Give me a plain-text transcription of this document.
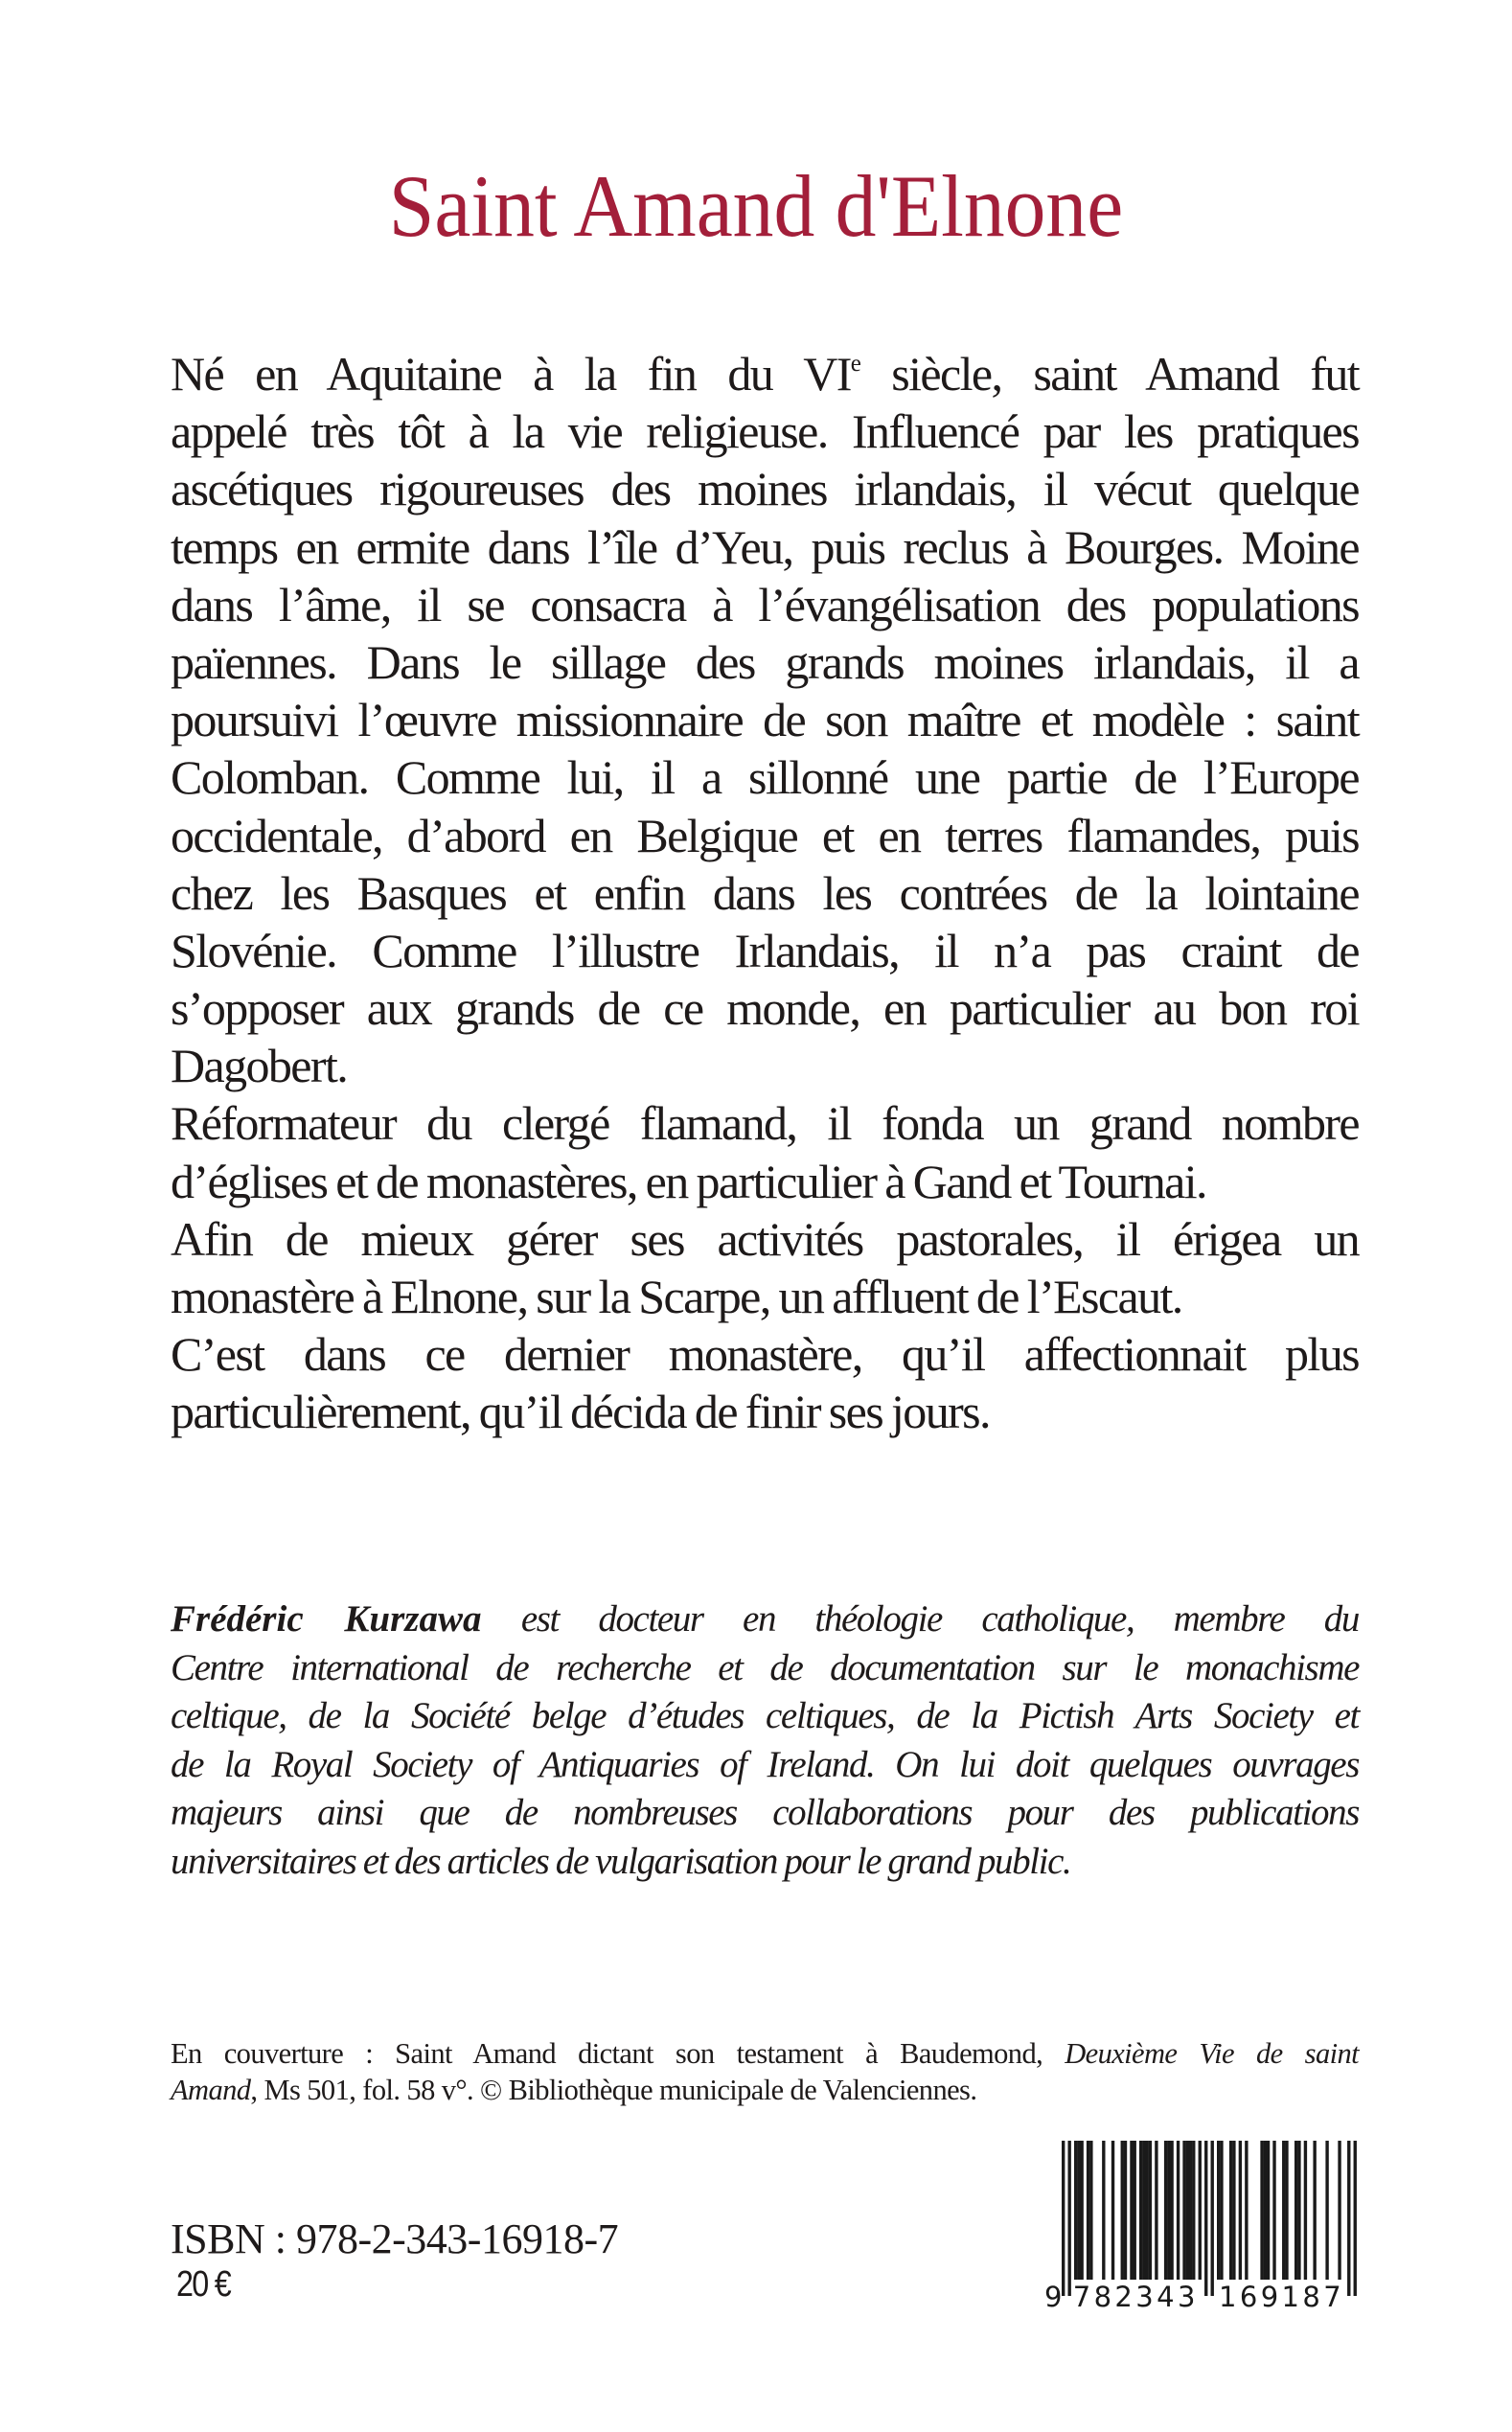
Saint Amand d'Elnone
Né en Aquitaine à la fin du VIe siècle, saint Amand fut
appelé très tôt à la vie religieuse. Influencé par les pratiques
ascétiques rigoureuses des moines irlandais, il vécut quelque
temps en ermite dans l’île d’Yeu, puis reclus à Bourges. Moine
dans l’âme, il se consacra à l’évangélisation des populations
païennes. Dans le sillage des grands moines irlandais, il a
poursuivi l’œuvre missionnaire de son maître et modèle : saint
Colomban. Comme lui, il a sillonné une partie de l’Europe
occidentale, d’abord en Belgique et en terres flamandes, puis
chez les Basques et enfin dans les contrées de la lointaine
Slovénie. Comme l’illustre Irlandais, il n’a pas craint de
s’opposer aux grands de ce monde, en particulier au bon roi
Dagobert.
Réformateur du clergé flamand, il fonda un grand nombre
d’églises et de monastères, en particulier à Gand et Tournai.
Afin de mieux gérer ses activités pastorales, il érigea un
monastère à Elnone, sur la Scarpe, un affluent de l’Escaut.
C’est dans ce dernier monastère, qu’il affectionnait plus
particulièrement, qu’il décida de finir ses jours.
Frédéric Kurzawa est docteur en théologie catholique, membre du
Centre international de recherche et de documentation sur le monachisme
celtique, de la Société belge d’études celtiques, de la Pictish Arts Society et
de la Royal Society of Antiquaries of Ireland. On lui doit quelques ouvrages
majeurs ainsi que de nombreuses collaborations pour des publications
universitaires et des articles de vulgarisation pour le grand public.
En couverture : Saint Amand dictant son testament à Baudemond, Deuxième Vie de saint
Amand, Ms 501, fol. 58 v°. © Bibliothèque municipale de Valenciennes.
ISBN : 978-2-343-16918-7
20 €	9 782343 169187
